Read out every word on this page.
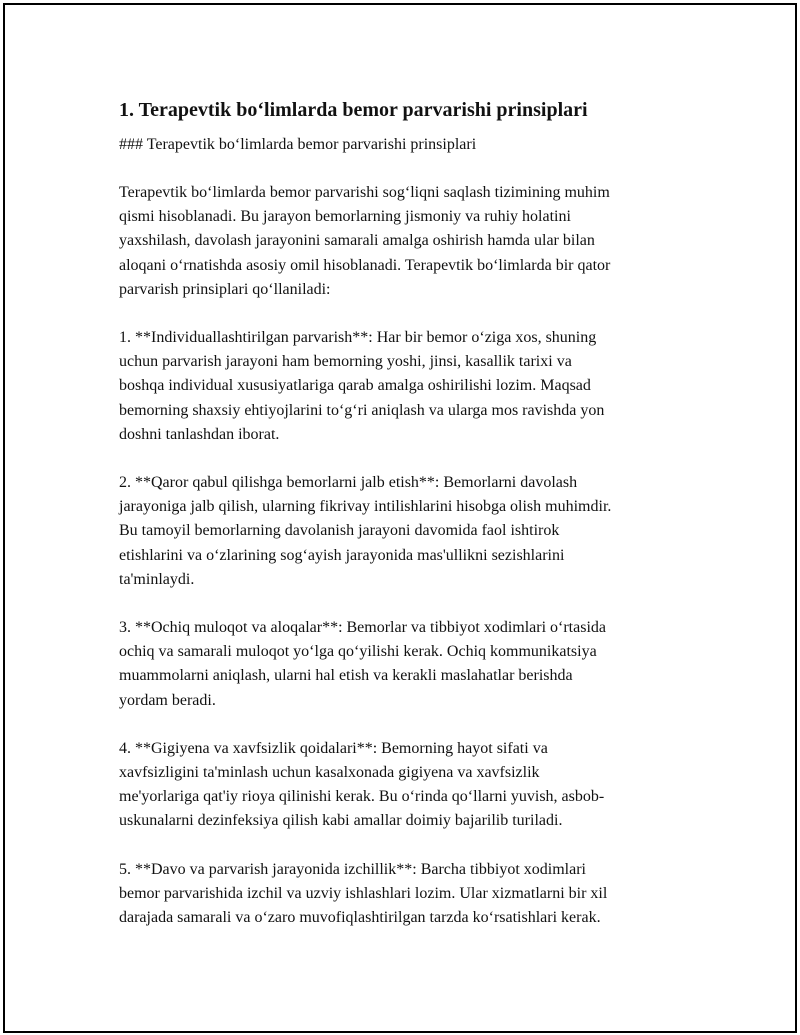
1. Terapevtik bo‘limlarda bemor parvarishi prinsiplari
### Terapevtik bo‘limlarda bemor parvarishi prinsiplari

Terapevtik bo‘limlarda bemor parvarishi sog‘liqni saqlash tizimining muhim
qismi hisoblanadi. Bu jarayon bemorlarning jismoniy va ruhiy holatini
yaxshilash, davolash jarayonini samarali amalga oshirish hamda ular bilan
aloqani o‘rnatishda asosiy omil hisoblanadi. Terapevtik bo‘limlarda bir qator
parvarish prinsiplari qo‘llaniladi:

1. **Individuallashtirilgan parvarish**: Har bir bemor o‘ziga xos, shuning
uchun parvarish jarayoni ham bemorning yoshi, jinsi, kasallik tarixi va
boshqa individual xususiyatlariga qarab amalga oshirilishi lozim. Maqsad
bemorning shaxsiy ehtiyojlarini to‘g‘ri aniqlash va ularga mos ravishda yon
doshni tanlashdan iborat.

2. **Qaror qabul qilishga bemorlarni jalb etish**: Bemorlarni davolash
jarayoniga jalb qilish, ularning fikrivay intilishlarini hisobga olish muhimdir.
Bu tamoyil bemorlarning davolanish jarayoni davomida faol ishtirok
etishlarini va o‘zlarining sog‘ayish jarayonida mas'ullikni sezishlarini
ta'minlaydi.

3. **Ochiq muloqot va aloqalar**: Bemorlar va tibbiyot xodimlari o‘rtasida
ochiq va samarali muloqot yo‘lga qo‘yilishi kerak. Ochiq kommunikatsiya
muammolarni aniqlash, ularni hal etish va kerakli maslahatlar berishda
yordam beradi.

4. **Gigiyena va xavfsizlik qoidalari**: Bemorning hayot sifati va
xavfsizligini ta'minlash uchun kasalxonada gigiyena va xavfsizlik
me'yorlariga qat'iy rioya qilinishi kerak. Bu o‘rinda qo‘llarni yuvish, asbob-
uskunalarni dezinfeksiya qilish kabi amallar doimiy bajarilib turiladi.

5. **Davo va parvarish jarayonida izchillik**: Barcha tibbiyot xodimlari
bemor parvarishida izchil va uzviy ishlashlari lozim. Ular xizmatlarni bir xil
darajada samarali va o‘zaro muvofiqlashtirilgan tarzda ko‘rsatishlari kerak.
